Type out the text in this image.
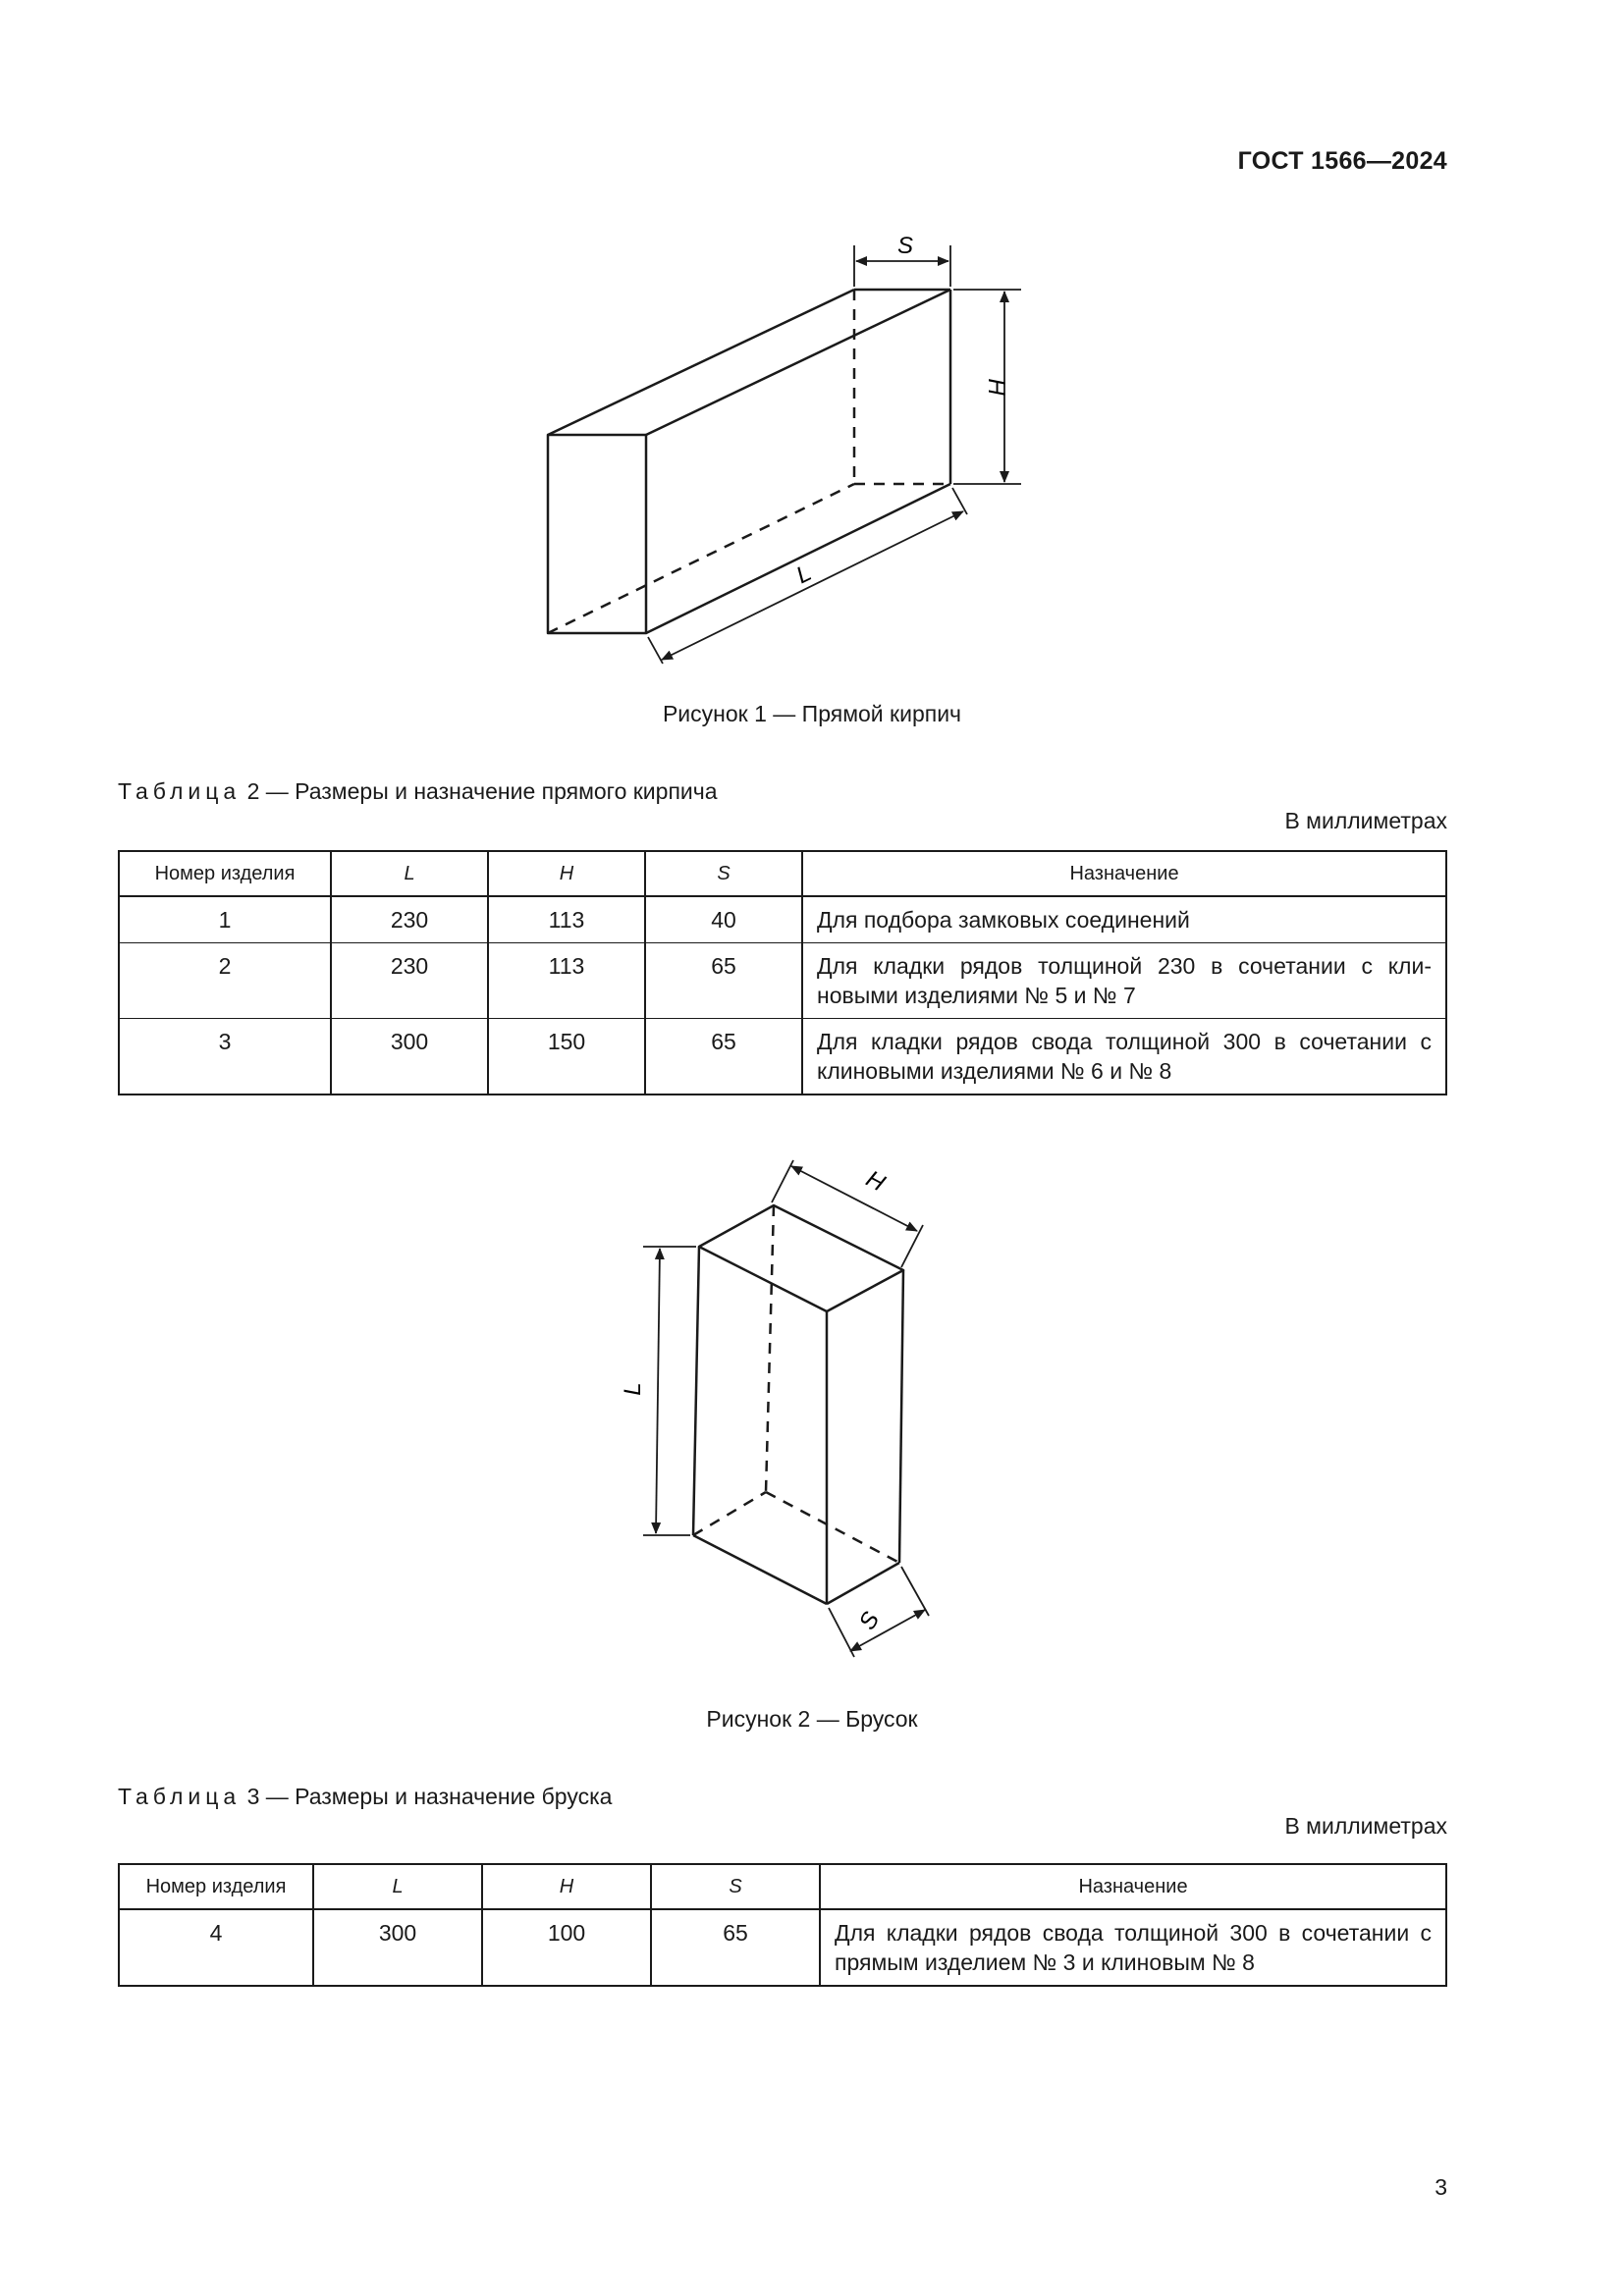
ГОСТ 1566—2024
S
H
L
Рисунок 1 — Прямой кирпич
Таблица 2 — Размеры и назначение прямого кирпича
В миллиметрах
Номер изделия	L	H	S	Назначение
1	230	113	40	Для подбора замковых соединений
2	230	113	65	Для кладки рядов толщиной 230 в сочетании с клиновыми изделиями № 5 и № 7
3	300	150	65	Для кладки рядов свода толщиной 300 в сочетании с клиновыми изделиями № 6 и № 8
H
L
S
Рисунок 2 — Брусок
Таблица 3 — Размеры и назначение бруска
В миллиметрах
Номер изделия	L	H	S	Назначение
4	300	100	65	Для кладки рядов свода толщиной 300 в сочетании с прямым изделием № 3 и клиновым № 8
3
